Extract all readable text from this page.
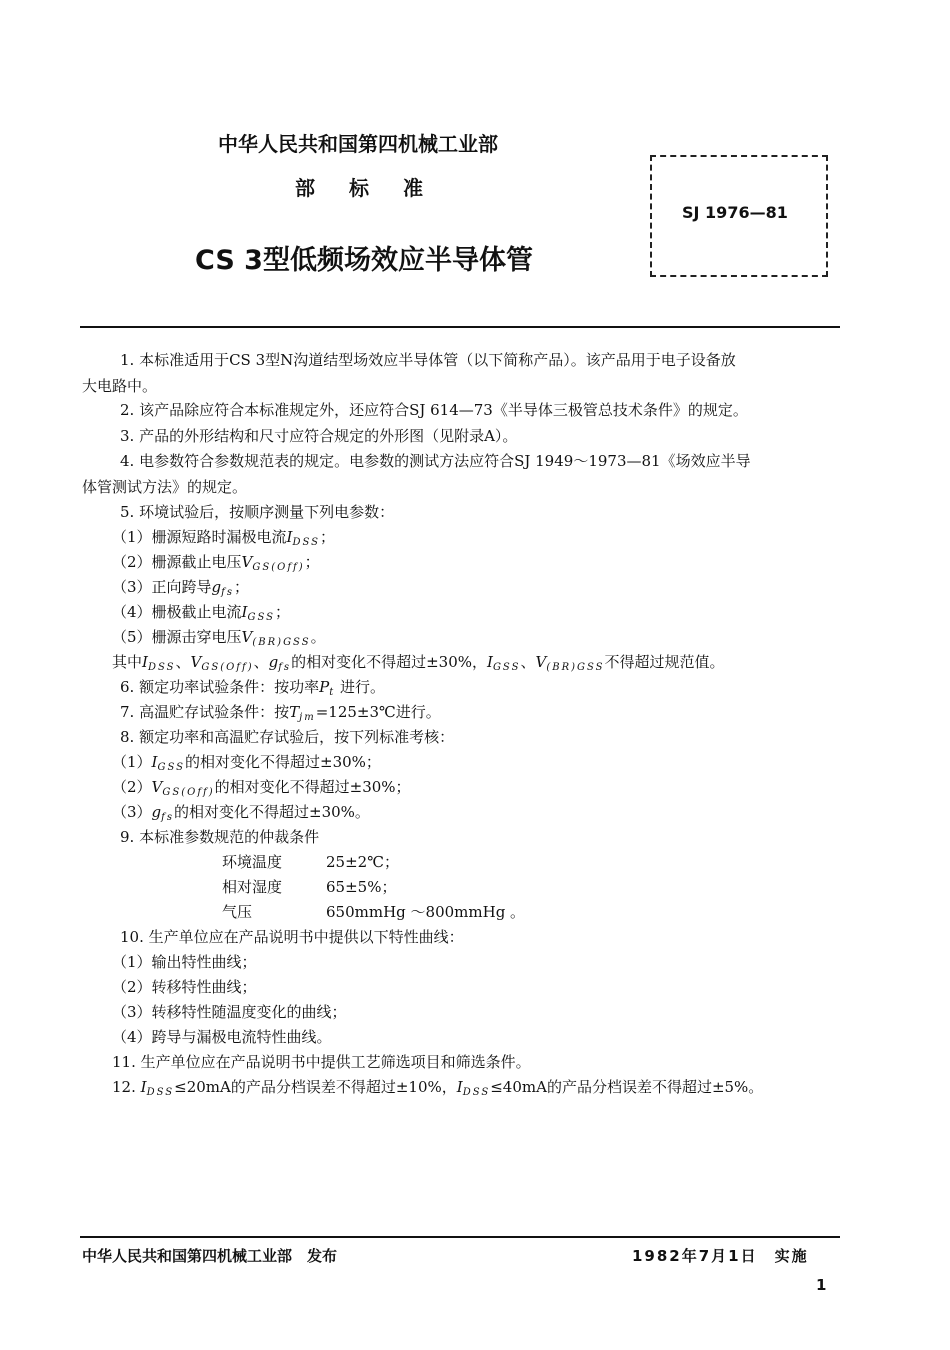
中华人民共和国第四机械工业部
部标准
CS 3型低频场效应半导体管
SJ 1976—81
1. 本标准适用于CS 3型N沟道结型场效应半导体管（以下简称产品）。该产品用于电子设备放
大电路中。
2. 该产品除应符合本标准规定外，还应符合SJ 614—73《半导体三极管总技术条件》的规定。
3. 产品的外形结构和尺寸应符合规定的外形图（见附录A）。
4. 电参数符合参数规范表的规定。电参数的测试方法应符合SJ 1949～1973—81《场效应半导
体管测试方法》的规定。
5. 环境试验后，按顺序测量下列电参数：
（1）栅源短路时漏极电流$I_{DSS}$；
（2）栅源截止电压$V_{GS(Off)}$；
（3）正向跨导$g_{fs}$；
（4）栅极截止电流$I_{GSS}$；
（5）栅源击穿电压$V_{(BR)GSS}$。
其中$I_{DSS}$、$V_{GS(Off)}$、$g_{fs}$的相对变化不得超过±30%，$I_{GSS}$、$V_{(BR)GSS}$不得超过规范值。
6. 额定功率试验条件：按功率$P_t$ 进行。
7. 高温贮存试验条件：按$T_{jm}=125\pm 3℃$进行。
8. 额定功率和高温贮存试验后，按下列标准考核：
$(1)I_{GSS}$的相对变化不得超过±30%；
$(2)V_{GS(Off)}$的相对变化不得超过±30%；
$(3)g_{fs}$的相对变化不得超过±30%。
9. 本标准参数规范的仲裁条件
环境温度	25±2℃；
相对湿度	65±5%；
气压	650mmHg ～800mmHg 。
10. 生产单位应在产品说明书中提供以下特性曲线：
（1）输出特性曲线；
（2）转移特性曲线；
（3）转移特性随温度变化的曲线；
（4）跨导与漏极电流特性曲线。
11. 生产单位应在产品说明书中提供工艺筛选项目和筛选条件。
12. $I_{DSS}\le 20mA$的产品分档误差不得超过±10%，$I_{DSS}\le 40mA$的产品分档误差不得超过±5%。
中华人民共和国第四机械工业部　发布	1982年7月1日　实施
1
